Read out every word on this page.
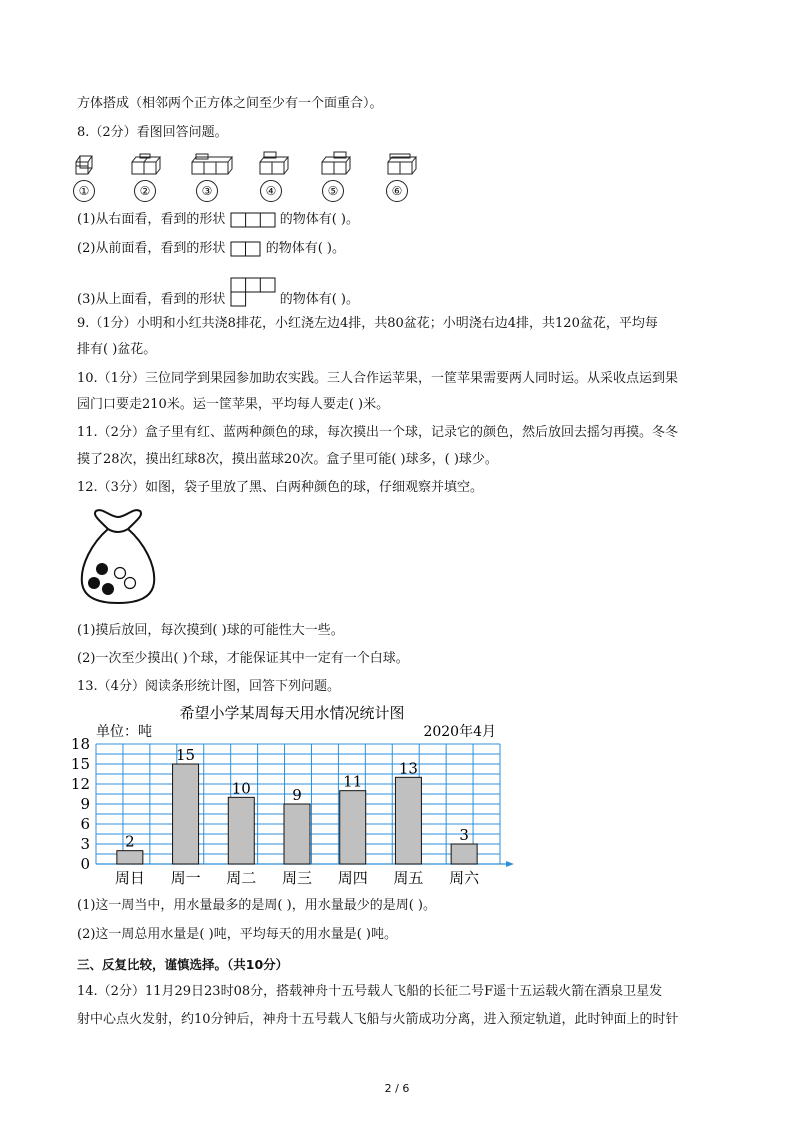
方体搭成（相邻两个正方体之间至少有一个面重合）。
8.（2分）看图回答问题。
①	②	③	④	⑤	⑥
(1)从右面看，看到的形状	的物体有( )。
(2)从前面看，看到的形状	的物体有( )。
(3)从上面看，看到的形状	的物体有( )。
9.（1分）小明和小红共浇8排花，小红浇左边4排，共80盆花；小明浇右边4排，共120盆花，平均每
排有( )盆花。
10.（1分）三位同学到果园参加助农实践。三人合作运苹果，一筐苹果需要两人同时运。从采收点运到果
园门口要走210米。运一筐苹果，平均每人要走( )米。
11.（2分）盒子里有红、蓝两种颜色的球，每次摸出一个球，记录它的颜色，然后放回去摇匀再摸。冬冬
摸了28次，摸出红球8次，摸出蓝球20次。盒子里可能( )球多，( )球少。
12.（3分）如图，袋子里放了黑、白两种颜色的球，仔细观察并填空。
(1)摸后放回，每次摸到( )球的可能性大一些。
(2)一次至少摸出( )个球，才能保证其中一定有一个白球。
13.（4分）阅读条形统计图，回答下列问题。
希望小学某周每天用水情况统计图
单位：吨	2020年4月
2
15
10	9
11
13
3
0
3
6
9
12
15
18
周日 周一 周二 周三 周四 周五 周六
(1)这一周当中，用水量最多的是周( )，用水量最少的是周( )。
(2)这一周总用水量是( )吨，平均每天的用水量是( )吨。
三、反复比较，谨慎选择。（共10分）
14.（2分）11月29日23时08分，搭载神舟十五号载人飞船的长征二号F遥十五运载火箭在酒泉卫星发
射中心点火发射，约10分钟后，神舟十五号载人飞船与火箭成功分离，进入预定轨道，此时钟面上的时针
2 / 6
